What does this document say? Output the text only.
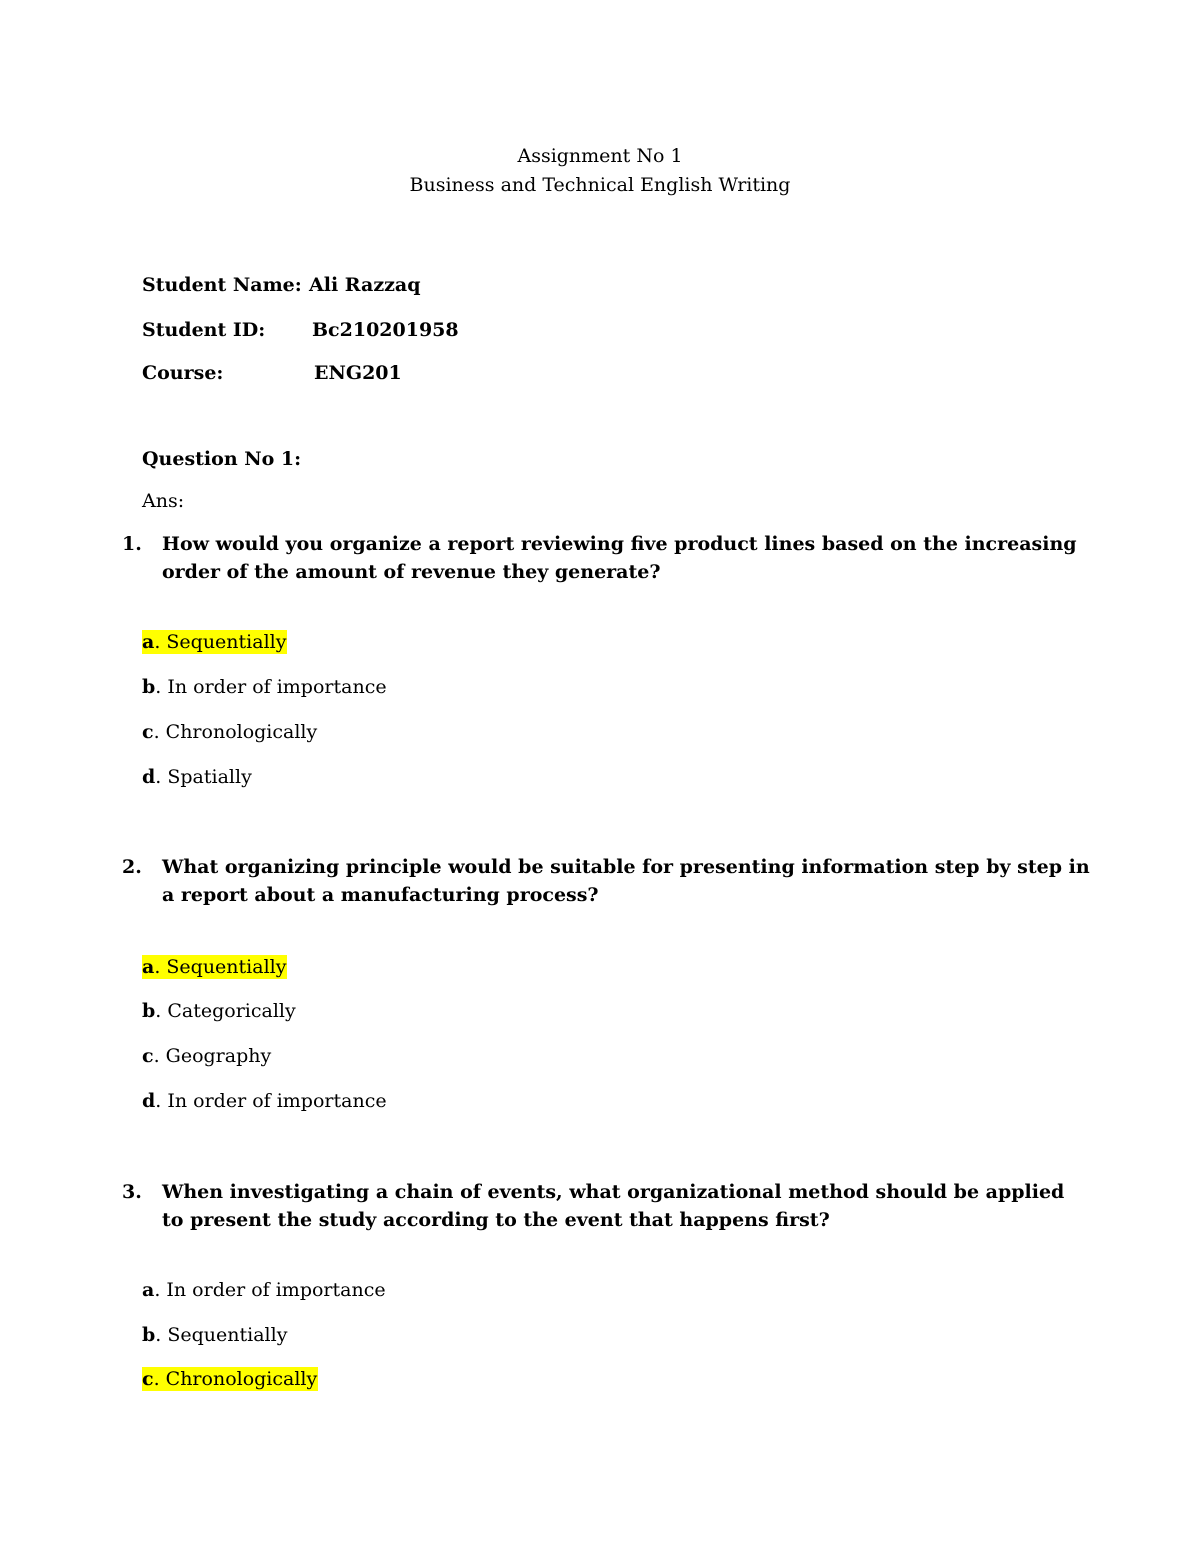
Assignment No 1
Business and Technical English Writing
Student Name: Ali Razzaq
Student ID: Bc210201958
Course:	ENG201
Question No 1:
Ans:
1. How would you organize a report reviewing five product lines based on the increasing order of the amount of revenue they generate?
a. Sequentially
b. In order of importance
c. Chronologically
d. Spatially
2. What organizing principle would be suitable for presenting information step by step in a report about a manufacturing process?
a. Sequentially
b. Categorically
c. Geography
d. In order of importance
3. When investigating a chain of events, what organizational method should be applied to present the study according to the event that happens first?
a. In order of importance
b. Sequentially
c. Chronologically
